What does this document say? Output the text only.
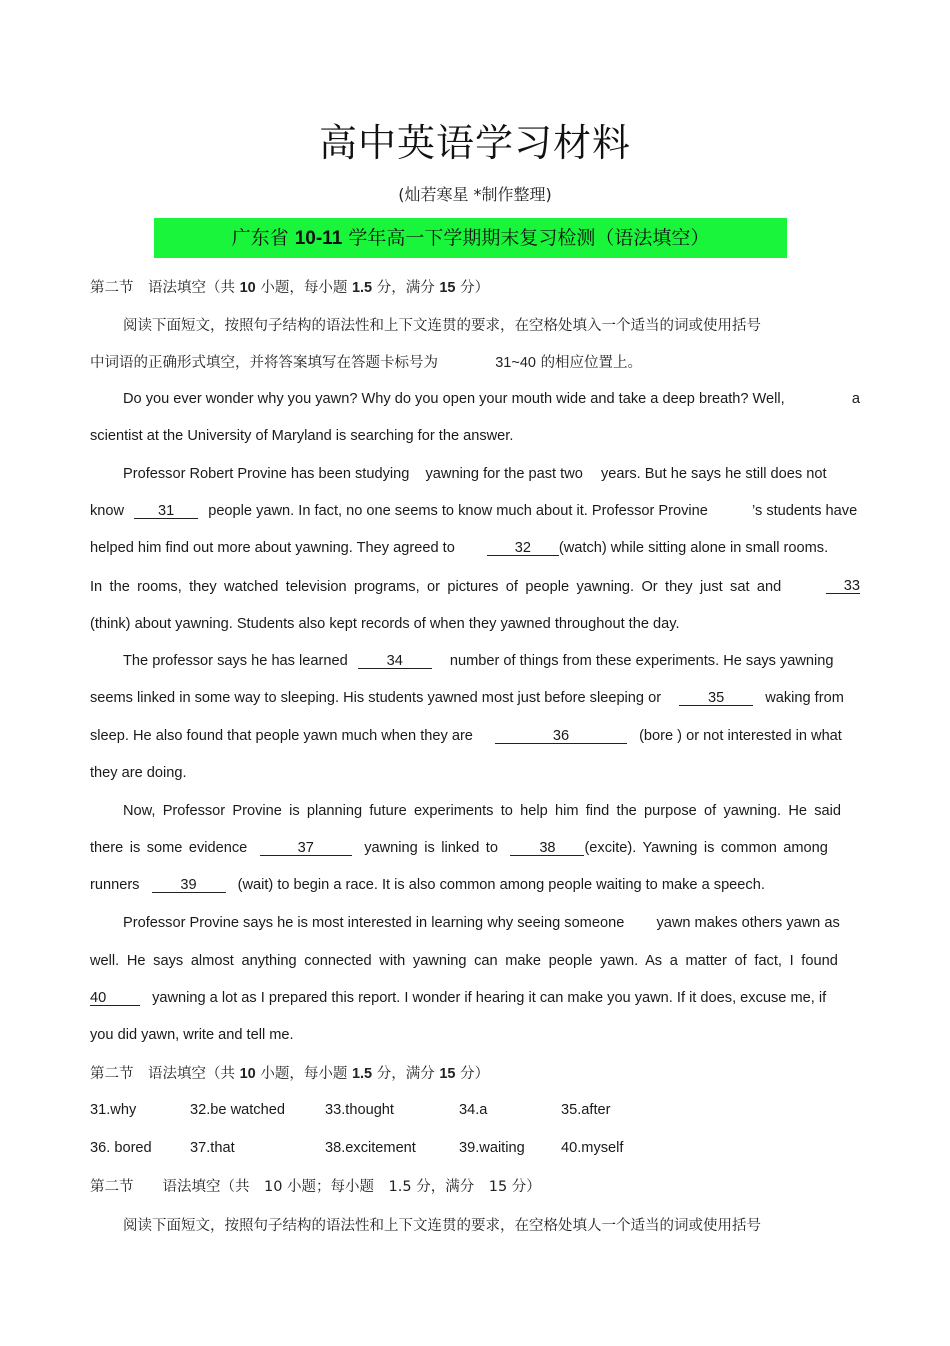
高中英语学习材料
(灿若寒星 *制作整理)
广东省 10-11 学年高一下学期期末复习检测（语法填空）
第二节　语法填空（共 10 小题，每小题 1.5 分，满分 15 分）
阅读下面短文，按照句子结构的语法性和上下文连贯的要求，在空格处填入一个适当的词或使用括号
中词语的正确形式填空，并将答案填写在答题卡标号为	31~40 的相应位置上。
Do you ever wonder why you yawn? Why do you open your mouth wide and take a deep breath? Well,	a
scientist at the University of Maryland is searching for the answer.
Professor Robert Provine has been studying yawning for the past two years. But he says he still does not
know 31 people yawn. In fact, no one seems to know much about it. Professor Provine	’s students have
helped him find out more about yawning. They agreed to	32 (watch) while sitting alone in small rooms.
In the rooms, they watched television programs, or pictures of people yawning. Or they just sat and	33
(think) about yawning. Students also kept records of when they yawned throughout the day.
The professor says he has learned	34	number of things from these experiments. He says yawning
seems linked in some way to sleeping. His students yawned most just before sleeping or	35	waking from
sleep. He also found that people yawn much when they are	36	(bore ) or not interested in what
they are doing.
Now, Professor Provine is planning future experiments to help him find the purpose of yawning. He said
there is some evidence	37	yawning is linked to	38 (excite). Yawning is common among
runners	39	(wait) to begin a race. It is also common among people waiting to make a speech.
Professor Provine says he is most interested in learning why seeing someone yawn makes others yawn as
well. He says almost anything connected with yawning can make people yawn. As a matter of fact, I found
40	yawning a lot as I prepared this report. I wonder if hearing it can make you yawn. If it does, excuse me, if
you did yawn, write and tell me.
第二节　语法填空（共 10 小题，每小题 1.5 分，满分 15 分）
31.why	32.be watched	33.thought	34.a	35.after
36. bored	37.that	38.excitement	39.waiting 40.myself
第二节　　语法填空（共　10 小题；每小题　1.5 分，满分　15 分）
阅读下面短文，按照句子结构的语法性和上下文连贯的要求，在空格处填人一个适当的词或使用括号
